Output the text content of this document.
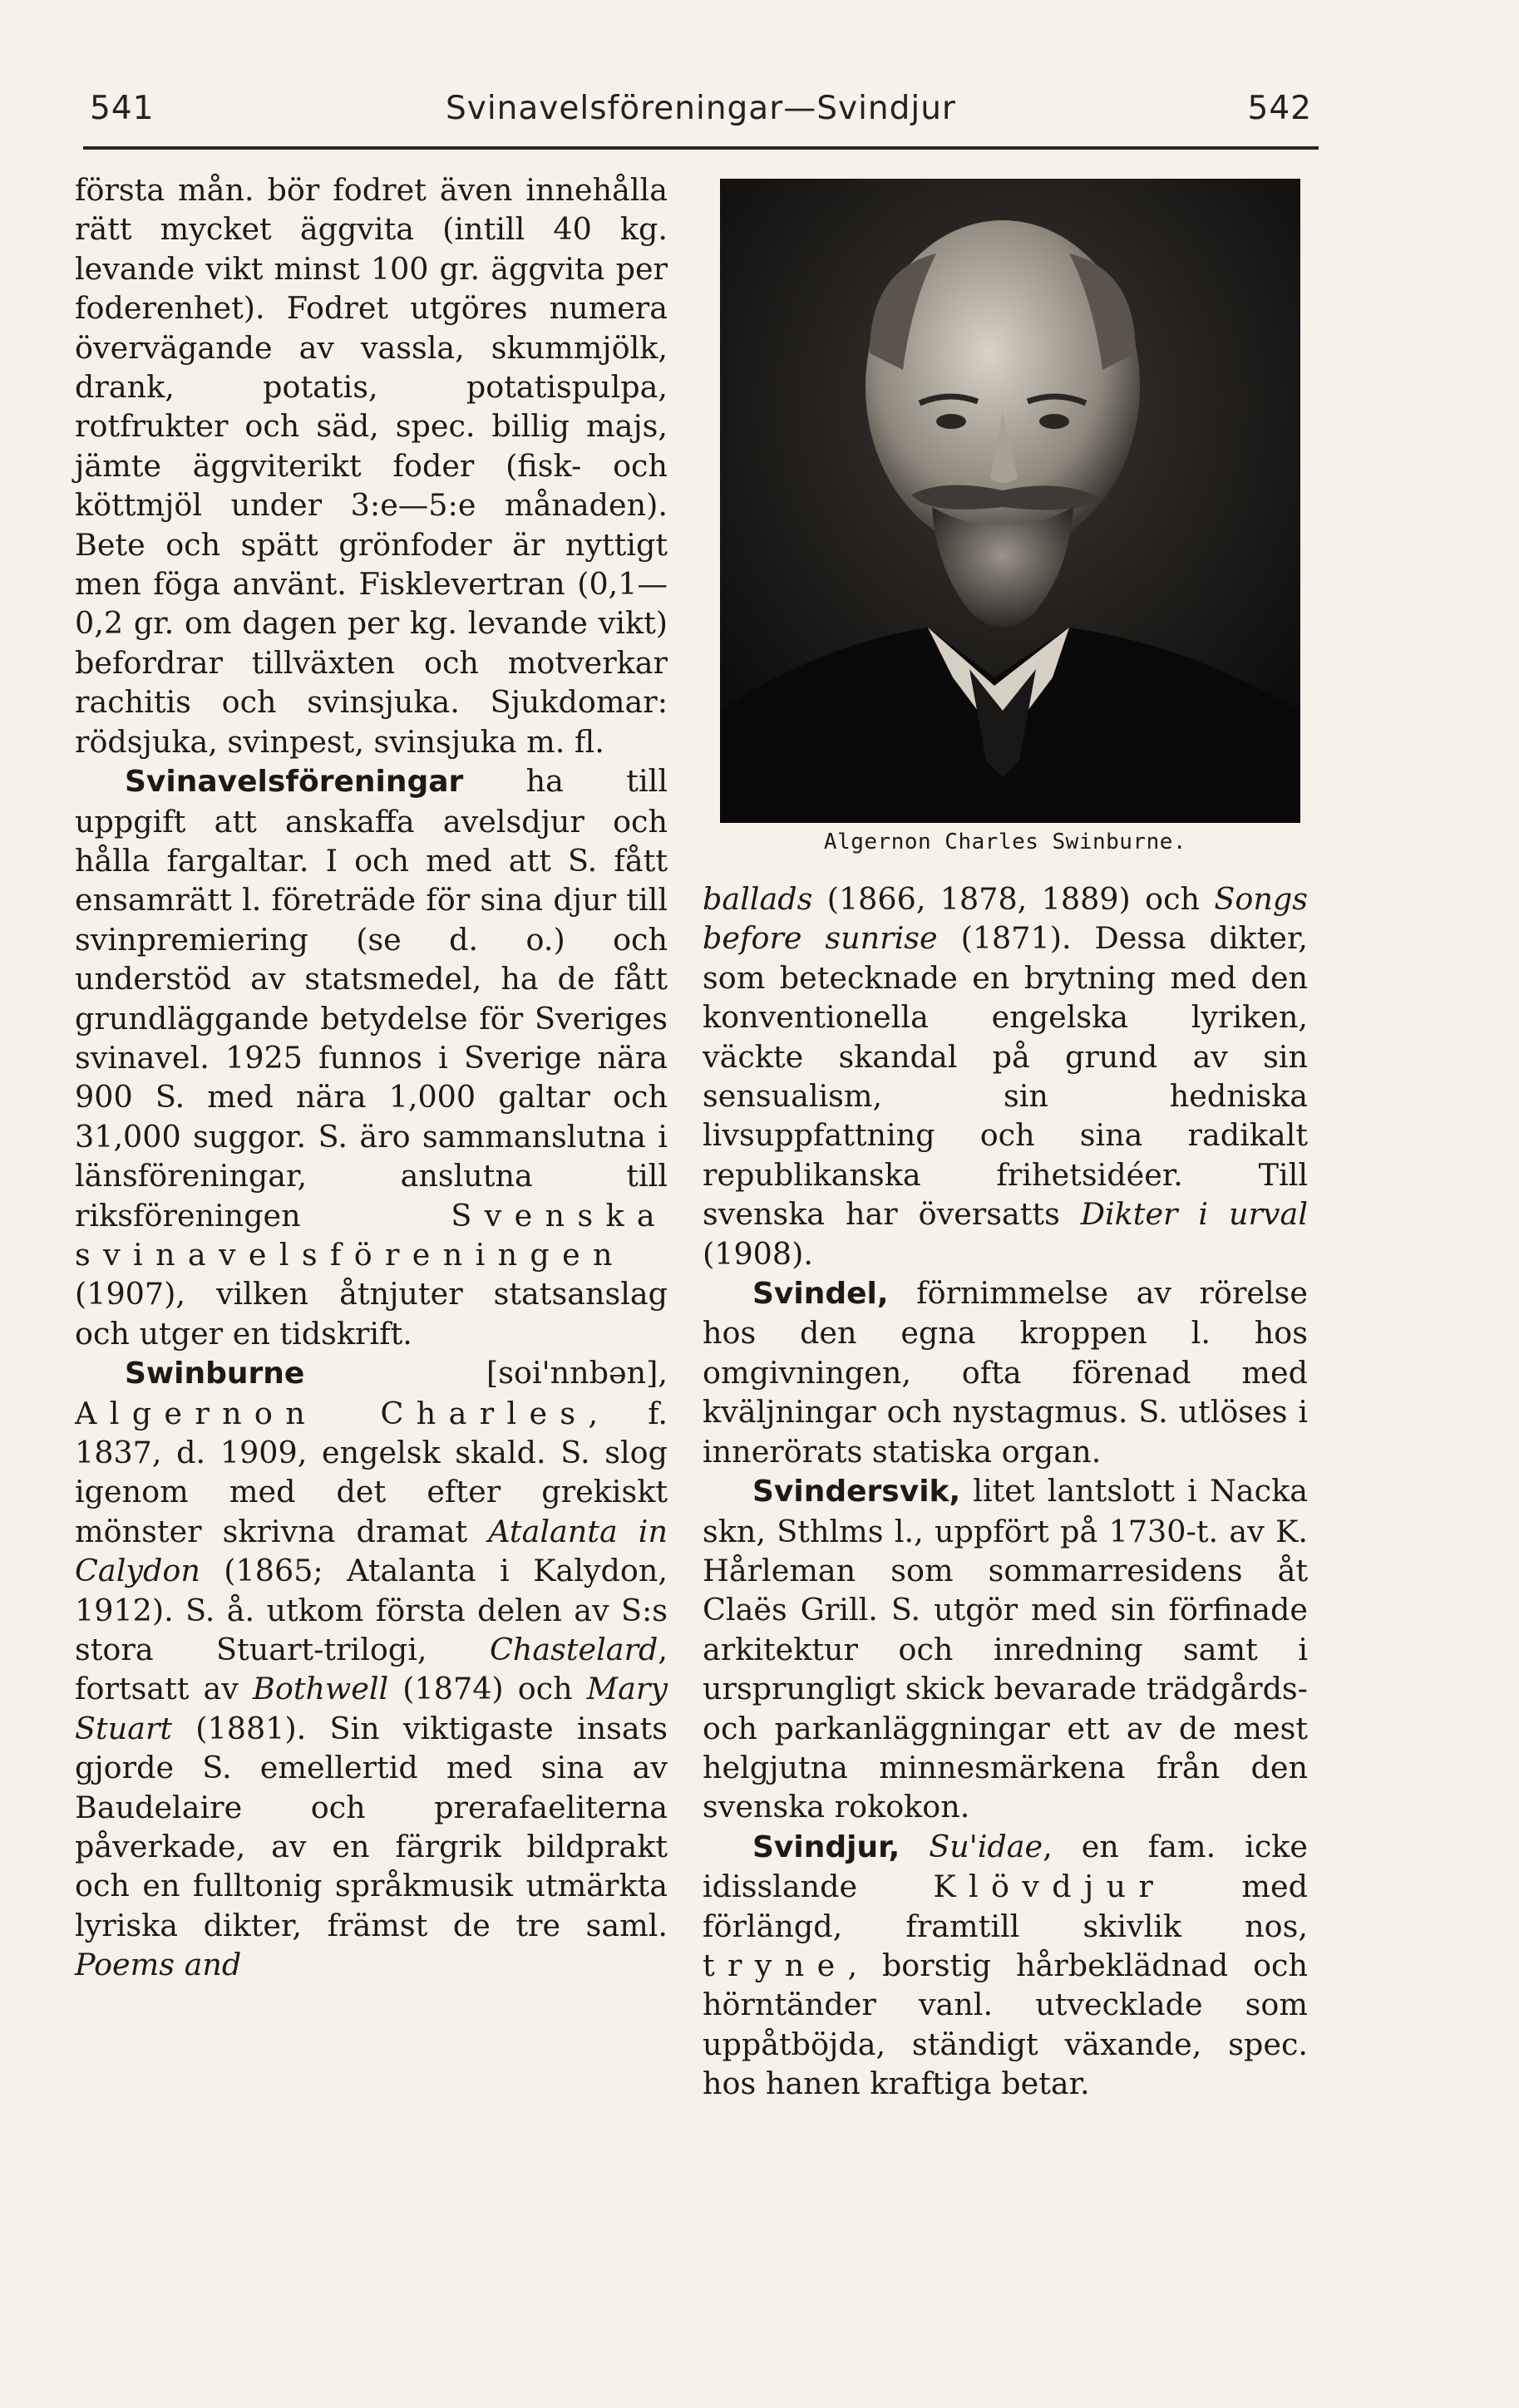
541	Svinavelsföreningar—Svindjur	542

första mån. bör fodret även innehålla rätt mycket äggvita (intill 40 kg. levande vikt minst 100 gr. äggvita per foderenhet). Fodret utgöres numera övervägande av vassla, skummjölk, drank, potatis, potatispulpa, rotfrukter och säd, spec. billig majs, jämte äggviterikt foder (fisk- och köttmjöl under 3:e—5:e månaden). Bete och spätt grönfoder är nyttigt men föga använt. Fisklevertran (0,1—0,2 gr. om dagen per kg. levande vikt) befordrar tillväxten och motverkar rachitis och svinsjuka. Sjukdomar: rödsjuka, svinpest, svinsjuka m. fl.

Svinavelsföreningar ha till uppgift att anskaffa avelsdjur och hålla fargaltar. I och med att S. fått ensamrätt l. företräde för sina djur till svinpremiering (se d. o.) och understöd av statsmedel, ha de fått grundläggande betydelse för Sveriges svinavel. 1925 funnos i Sverige nära 900 S. med nära 1,000 galtar och 31,000 suggor. S. äro sammanslutna i länsföreningar, anslutna till riksföreningen Svenska svinavelsföreningen (1907), vilken åtnjuter statsanslag och utger en tidskrift.

Swinburne [soi'nnbən], Algernon Charles, f. 1837, d. 1909, engelsk skald. S. slog igenom med det efter grekiskt mönster skrivna dramat Atalanta in Calydon (1865; Atalanta i Kalydon, 1912). S. å. utkom första delen av S:s stora Stuart-trilogi, Chastelard, fortsatt av Bothwell (1874) och Mary Stuart (1881). Sin viktigaste insats gjorde S. emellertid med sina av Baudelaire och prerafaeliterna påverkade, av en färgrik bildprakt och en fulltonig språkmusik utmärkta lyriska dikter, främst de tre saml. Poems and

Algernon Charles Swinburne.

ballads (1866, 1878, 1889) och Songs before sunrise (1871). Dessa dikter, som betecknade en brytning med den konventionella engelska lyriken, väckte skandal på grund av sin sensualism, sin hedniska livsuppfattning och sina radikalt republikanska frihetsidéer. Till svenska har översatts Dikter i urval (1908).

Svindel, förnimmelse av rörelse hos den egna kroppen l. hos omgivningen, ofta förenad med kväljningar och nystagmus. S. utlöses i innerörats statiska organ.

Svindersvik, litet lantslott i Nacka skn, Sthlms l., uppfört på 1730-t. av K. Hårleman som sommarresidens åt Claës Grill. S. utgör med sin förfinade arkitektur och inredning samt i ursprungligt skick bevarade trädgårds- och parkanläggningar ett av de mest helgjutna minnesmärkena från den svenska rokokon.

Svindjur, Su'idae, en fam. icke idisslande Klövdjur med förlängd, framtill skivlik nos, tryne, borstig hårbeklädnad och hörntänder vanl. utvecklade som uppåtböjda, ständigt växande, spec. hos hanen kraftiga betar.
